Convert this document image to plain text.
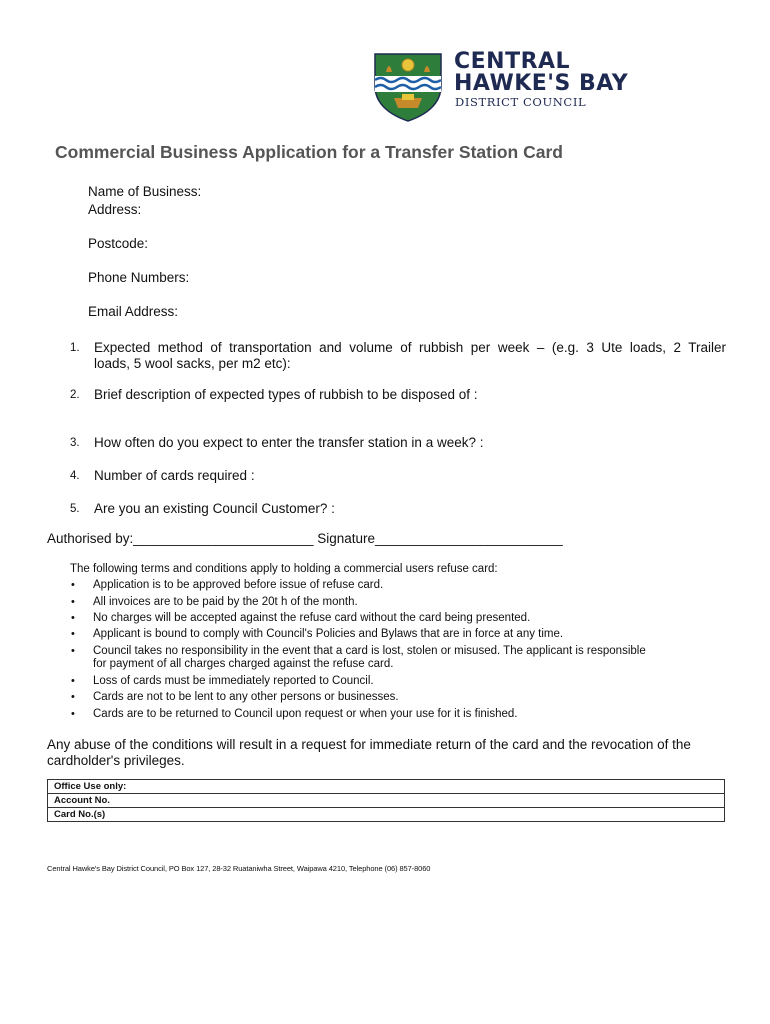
CENTRAL
HAWKE'S BAY
DISTRICT COUNCIL
Commercial Business Application for a Transfer Station Card
Name of Business:
Address:
Postcode:
Phone Numbers:
Email Address:
1. Expected method of transportation and volume of rubbish per week – (e.g. 3 Ute loads, 2 Trailer
loads, 5 wool sacks, per m2 etc):
2. Brief description of expected types of rubbish to be disposed of :
3. How often do you expect to enter the transfer station in a week? :
4. Number of cards required :
5. Are you an existing Council Customer? :
Authorised by:________________________ Signature_________________________
The following terms and conditions apply to holding a commercial users refuse card:
• Application is to be approved before issue of refuse card.
• All invoices are to be paid by the 20t h of the month.
• No charges will be accepted against the refuse card without the card being presented.
• Applicant is bound to comply with Council's Policies and Bylaws that are in force at any time.
• Council takes no responsibility in the event that a card is lost, stolen or misused. The applicant is responsible
for payment of all charges charged against the refuse card.
• Loss of cards must be immediately reported to Council.
• Cards are not to be lent to any other persons or businesses.
• Cards are to be returned to Council upon request or when your use for it is finished.
Any abuse of the conditions will result in a request for immediate return of the card and the revocation of the cardholder's privileges.
Office Use only:
Account No.
Card No.(s)
Central Hawke's Bay District Council, PO Box 127, 28-32 Ruataniwha Street, Waipawa 4210, Telephone (06) 857-8060
